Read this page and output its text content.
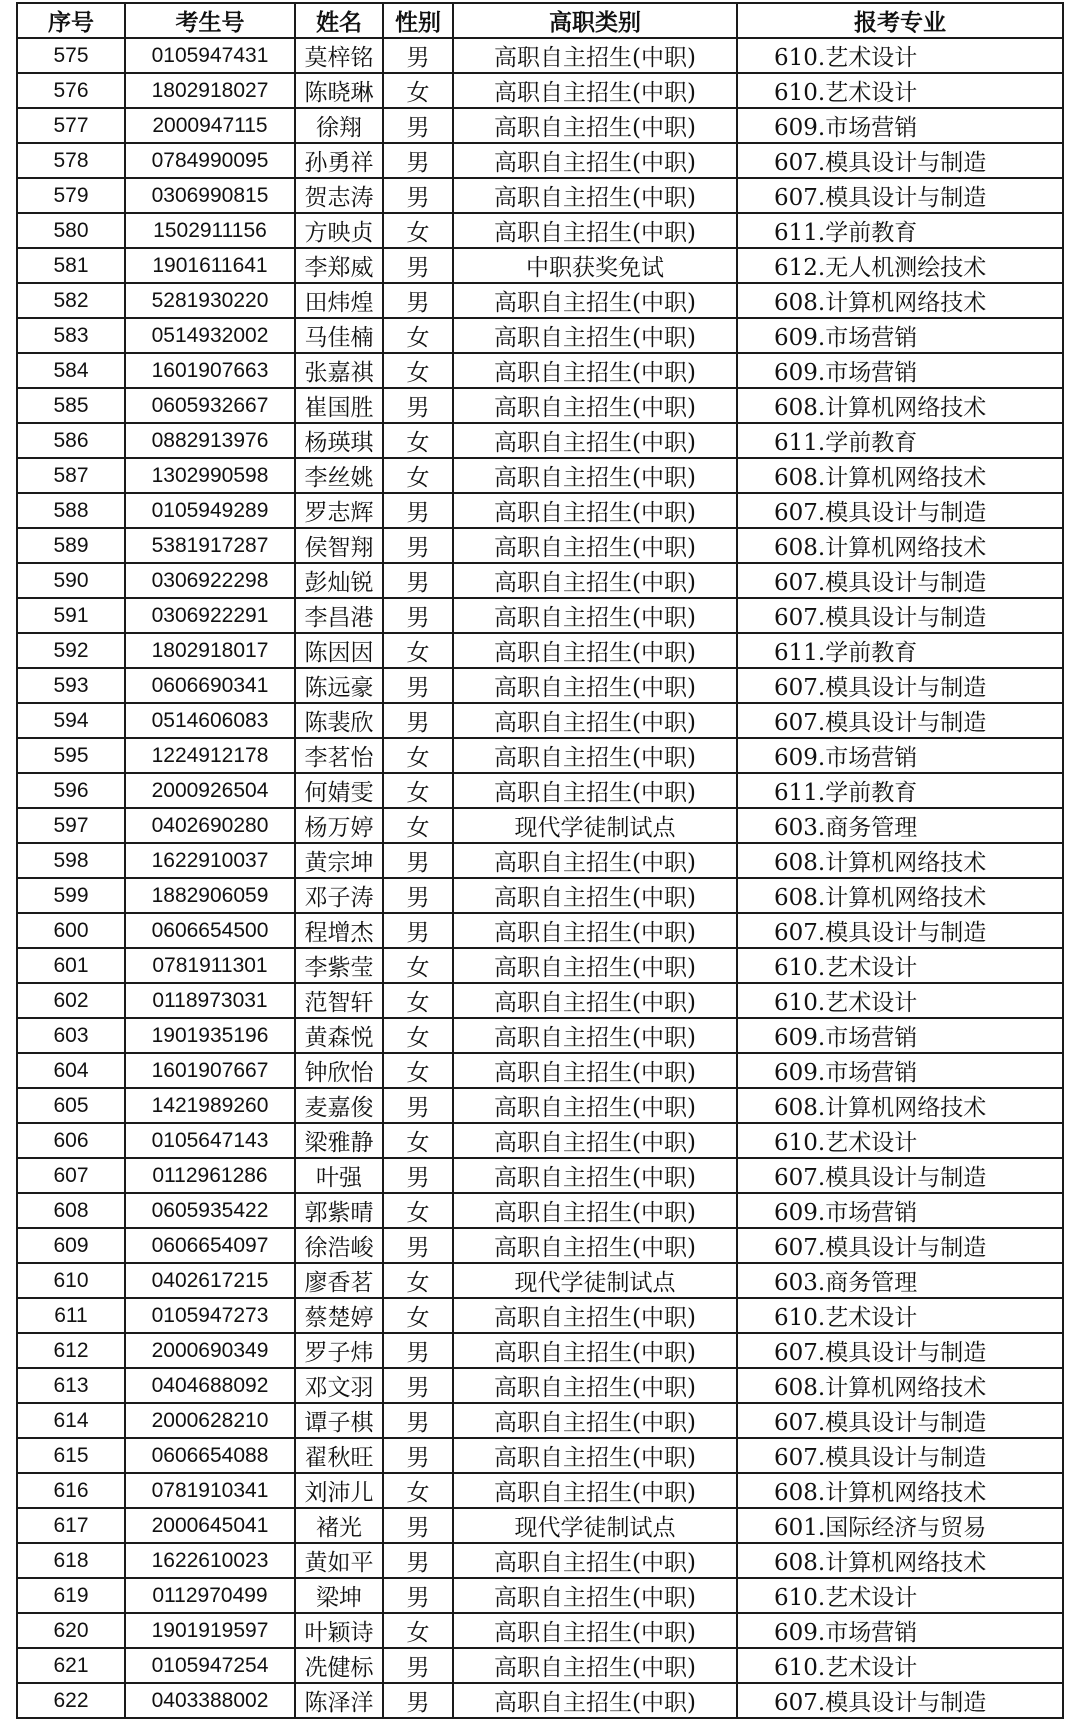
序号	考生号	姓名	性别	高职类别	报考专业
575	0105947431	莫梓铭	男	高职自主招生(中职)	610.艺术设计
576	1802918027	陈晓琳	女	高职自主招生(中职)	610.艺术设计
577	2000947115	徐翔	男	高职自主招生(中职)	609.市场营销
578	0784990095	孙勇祥	男	高职自主招生(中职)	607.模具设计与制造
579	0306990815	贺志涛	男	高职自主招生(中职)	607.模具设计与制造
580	1502911156	方映贞	女	高职自主招生(中职)	611.学前教育
581	1901611641	李郑威	男	中职获奖免试	612.无人机测绘技术
582	5281930220	田炜煌	男	高职自主招生(中职)	608.计算机网络技术
583	0514932002	马佳楠	女	高职自主招生(中职)	609.市场营销
584	1601907663	张嘉祺	女	高职自主招生(中职)	609.市场营销
585	0605932667	崔国胜	男	高职自主招生(中职)	608.计算机网络技术
586	0882913976	杨瑛琪	女	高职自主招生(中职)	611.学前教育
587	1302990598	李丝姚	女	高职自主招生(中职)	608.计算机网络技术
588	0105949289	罗志辉	男	高职自主招生(中职)	607.模具设计与制造
589	5381917287	侯智翔	男	高职自主招生(中职)	608.计算机网络技术
590	0306922298	彭灿锐	男	高职自主招生(中职)	607.模具设计与制造
591	0306922291	李昌港	男	高职自主招生(中职)	607.模具设计与制造
592	1802918017	陈因因	女	高职自主招生(中职)	611.学前教育
593	0606690341	陈远豪	男	高职自主招生(中职)	607.模具设计与制造
594	0514606083	陈裴欣	男	高职自主招生(中职)	607.模具设计与制造
595	1224912178	李茗怡	女	高职自主招生(中职)	609.市场营销
596	2000926504	何婧雯	女	高职自主招生(中职)	611.学前教育
597	0402690280	杨万婷	女	现代学徒制试点	603.商务管理
598	1622910037	黄宗坤	男	高职自主招生(中职)	608.计算机网络技术
599	1882906059	邓子涛	男	高职自主招生(中职)	608.计算机网络技术
600	0606654500	程增杰	男	高职自主招生(中职)	607.模具设计与制造
601	0781911301	李紫莹	女	高职自主招生(中职)	610.艺术设计
602	0118973031	范智轩	女	高职自主招生(中职)	610.艺术设计
603	1901935196	黄森悦	女	高职自主招生(中职)	609.市场营销
604	1601907667	钟欣怡	女	高职自主招生(中职)	609.市场营销
605	1421989260	麦嘉俊	男	高职自主招生(中职)	608.计算机网络技术
606	0105647143	梁雅静	女	高职自主招生(中职)	610.艺术设计
607	0112961286	叶强	男	高职自主招生(中职)	607.模具设计与制造
608	0605935422	郭紫晴	女	高职自主招生(中职)	609.市场营销
609	0606654097	徐浩峻	男	高职自主招生(中职)	607.模具设计与制造
610	0402617215	廖香茗	女	现代学徒制试点	603.商务管理
611	0105947273	蔡楚婷	女	高职自主招生(中职)	610.艺术设计
612	2000690349	罗子炜	男	高职自主招生(中职)	607.模具设计与制造
613	0404688092	邓文羽	男	高职自主招生(中职)	608.计算机网络技术
614	2000628210	谭子棋	男	高职自主招生(中职)	607.模具设计与制造
615	0606654088	翟秋旺	男	高职自主招生(中职)	607.模具设计与制造
616	0781910341	刘沛儿	女	高职自主招生(中职)	608.计算机网络技术
617	2000645041	褚光	男	现代学徒制试点	601.国际经济与贸易
618	1622610023	黄如平	男	高职自主招生(中职)	608.计算机网络技术
619	0112970499	梁坤	男	高职自主招生(中职)	610.艺术设计
620	1901919597	叶颖诗	女	高职自主招生(中职)	609.市场营销
621	0105947254	冼健标	男	高职自主招生(中职)	610.艺术设计
622	0403388002	陈泽洋	男	高职自主招生(中职)	607.模具设计与制造
